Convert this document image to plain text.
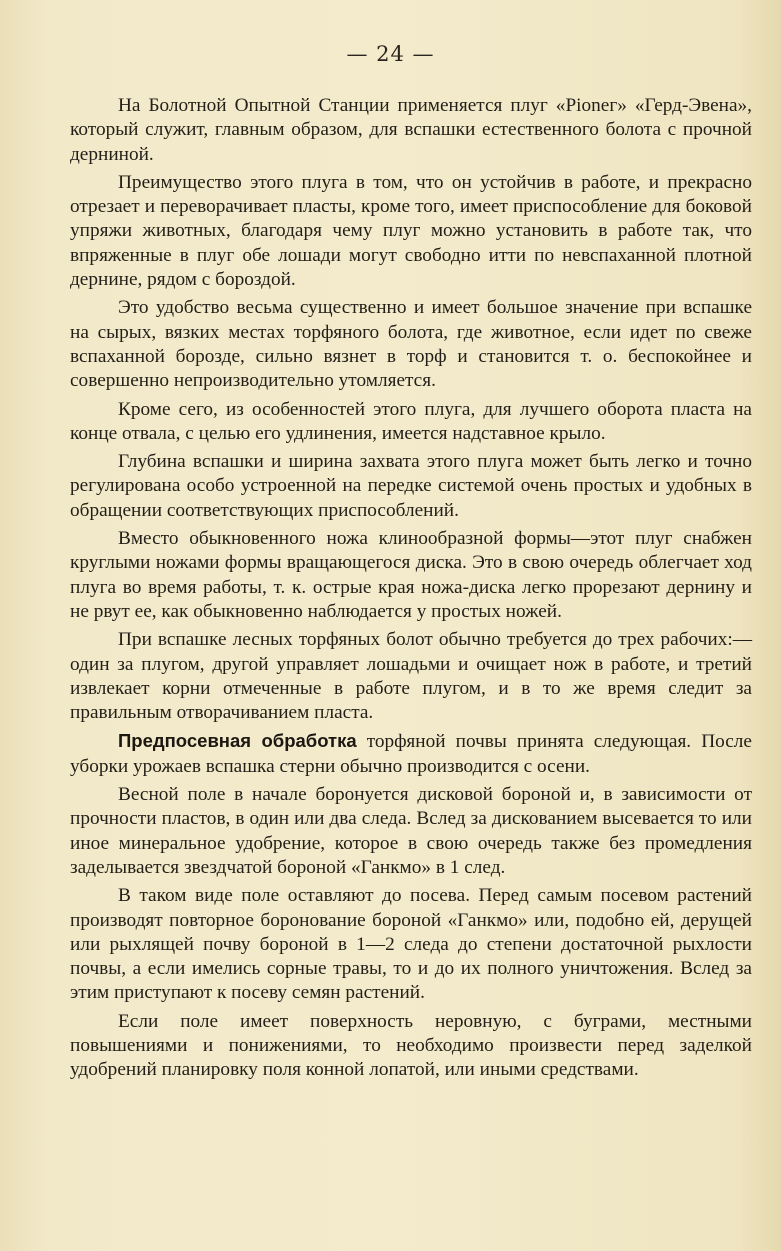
— 24 —

На Болотной Опытной Станции применяется плуг «Pionег» «Герд-Эвена», который служит, главным образом, для вспашки естественного болота с прочной дерниной.

Преимущество этого плуга в том, что он устойчив в работе, и прекрасно отрезает и переворачивает пласты, кроме того, имеет приспособление для боковой упряжи животных, благодаря чему плуг можно установить в работе так, что впряженные в плуг обе лошади могут свободно итти по невспаханной плотной дернине, рядом с бороздой.

Это удобство весьма существенно и имеет большое значение при вспашке на сырых, вязких местах торфяного болота, где животное, если идет по свеже вспаханной борозде, сильно вязнет в торф и становится т. о. беспокойнее и совершенно непроизводительно утомляется.

Кроме сего, из особенностей этого плуга, для лучшего оборота пласта на конце отвала, с целью его удлинения, имеется надставное крыло.

Глубина вспашки и ширина захвата этого плуга может быть легко и точно регулирована особо устроенной на передке системой очень простых и удобных в обращении соответствующих приспособлений.

Вместо обыкновенного ножа клинообразной формы—этот плуг снабжен круглыми ножами формы вращающегося диска. Это в свою очередь облегчает ход плуга во время работы, т. к. острые края ножа-диска легко прорезают дернину и не рвут ее, как обыкновенно наблюдается у простых ножей.

При вспашке лесных торфяных болот обычно требуется до трех рабочих:— один за плугом, другой управляет лошадьми и очищает нож в работе, и третий извлекает корни отмеченные в работе плугом, и в то же время следит за правильным отворачиванием пласта.

Предпосевная обработка торфяной почвы принята следующая. После уборки урожаев вспашка стерни обычно производится с осени.

Весной поле в начале боронуется дисковой бороной и, в зависимости от прочности пластов, в один или два следа. Вслед за дискованием высевается то или иное минеральное удобрение, которое в свою очередь также без промедления заделывается звездчатой бороной «Ганкмо» в 1 след.

В таком виде поле оставляют до посева. Перед самым посевом растений производят повторное боронование бороной «Ганкмо» или, подобно ей, дерущей или рыхлящей почву бороной в 1—2 следа до степени достаточной рыхлости почвы, а если имелись сорные травы, то и до их полного уничтожения. Вслед за этим приступают к посеву семян растений.

Если поле имеет поверхность неровную, с буграми, местными повышениями и понижениями, то необходимо произвести перед заделкой удобрений планировку поля конной лопатой, или иными средствами.
